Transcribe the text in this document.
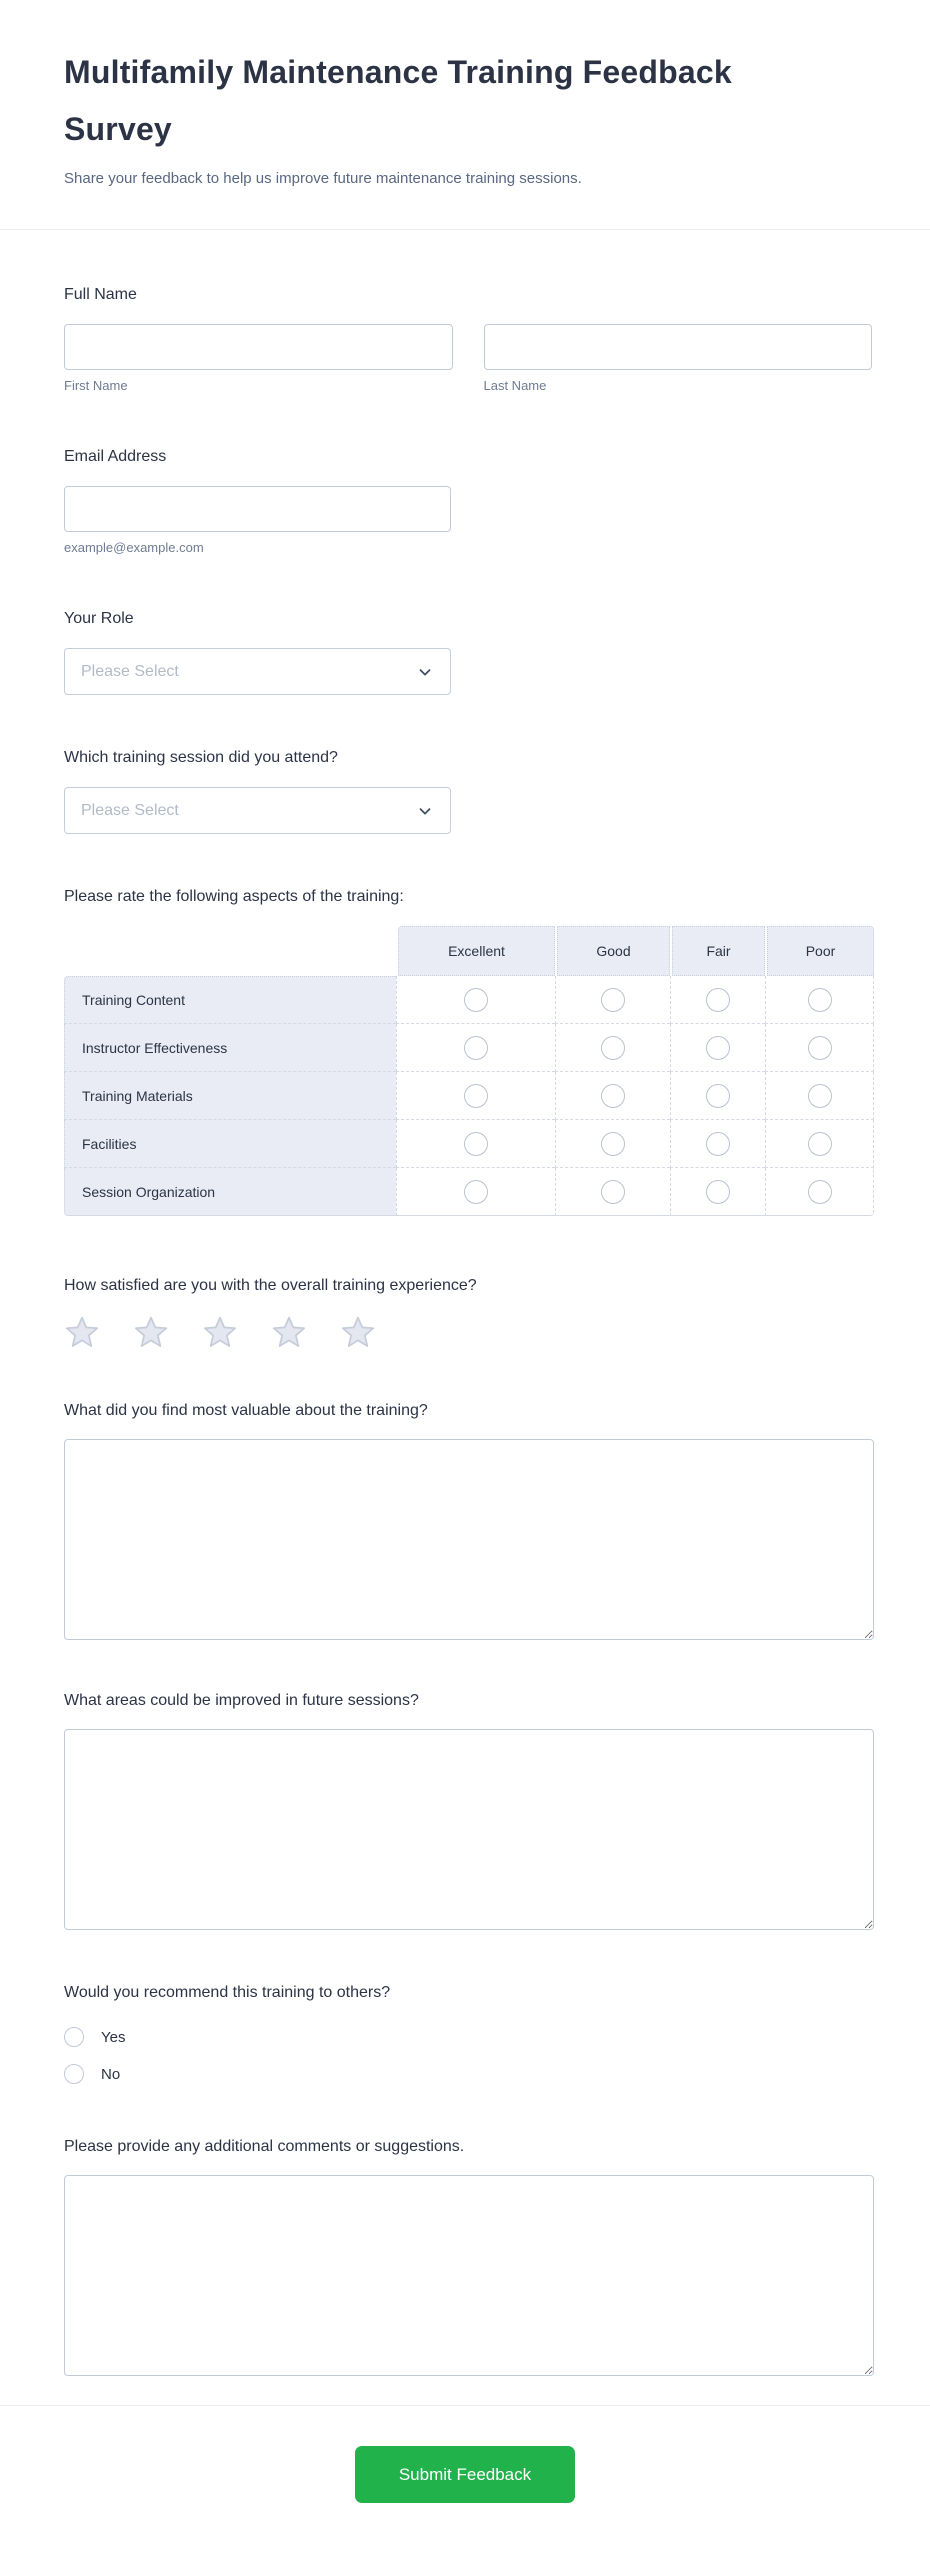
Multifamily Maintenance Training Feedback Survey

Share your feedback to help us improve future maintenance training sessions.

Full Name
First Name	Last Name
Email Address
example@example.com
Your Role
Please Select
Which training session did you attend?
Please Select
Please rate the following aspects of the training:
Excellent	Good	Fair	Poor
Training Content
Instructor Effectiveness
Training Materials
Facilities
Session Organization
How satisfied are you with the overall training experience?
What did you find most valuable about the training?
What areas could be improved in future sessions?
Would you recommend this training to others?
Yes
No
Please provide any additional comments or suggestions.
Submit Feedback
